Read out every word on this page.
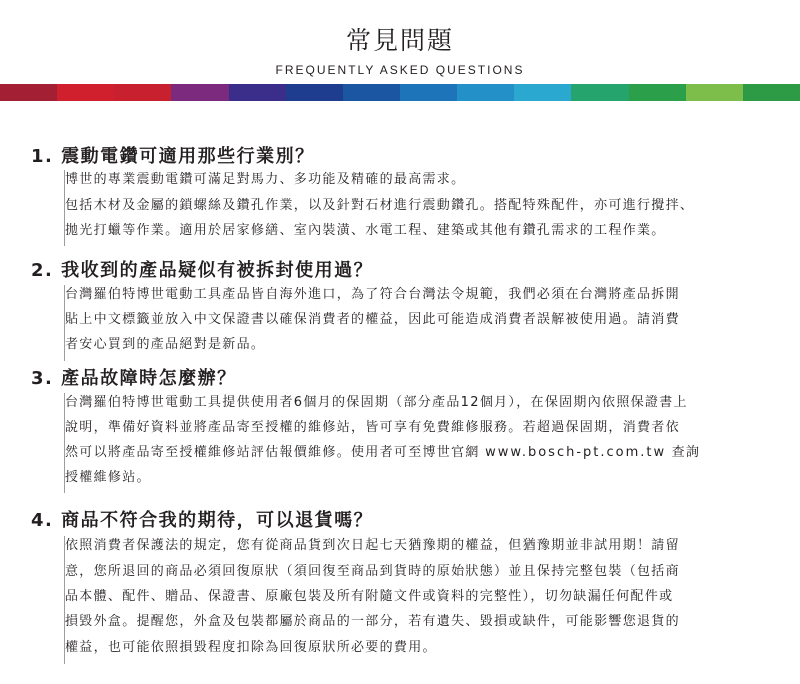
常見問題
FREQUENTLY ASKED QUESTIONS
1. 震動電鑽可適用那些行業別？
博世的專業震動電鑽可滿足對馬力、多功能及精確的最高需求。
包括木材及金屬的鎖螺絲及鑽孔作業，以及針對石材進行震動鑽孔。搭配特殊配件，亦可進行攪拌、
拋光打蠟等作業。適用於居家修繕、室內裝潢、水電工程、建築或其他有鑽孔需求的工程作業。
2. 我收到的產品疑似有被拆封使用過？
台灣羅伯特博世電動工具產品皆自海外進口，為了符合台灣法令規範，我們必須在台灣將產品拆開
貼上中文標籤並放入中文保證書以確保消費者的權益，因此可能造成消費者誤解被使用過。請消費
者安心買到的產品絕對是新品。
3. 產品故障時怎麼辦？
台灣羅伯特博世電動工具提供使用者6個月的保固期（部分產品12個月），在保固期內依照保證書上
說明，準備好資料並將產品寄至授權的維修站，皆可享有免費維修服務。若超過保固期，消費者依
然可以將產品寄至授權維修站評估報價維修。使用者可至博世官網 www.bosch-pt.com.tw 查詢
授權維修站。
4. 商品不符合我的期待，可以退貨嗎？
依照消費者保護法的規定，您有從商品貨到次日起七天猶豫期的權益，但猶豫期並非試用期！請留
意，您所退回的商品必須回復原狀（須回復至商品到貨時的原始狀態）並且保持完整包裝（包括商
品本體、配件、贈品、保證書、原廠包裝及所有附隨文件或資料的完整性），切勿缺漏任何配件或
損毀外盒。提醒您，外盒及包裝都屬於商品的一部分，若有遺失、毀損或缺件，可能影響您退貨的
權益，也可能依照損毀程度扣除為回復原狀所必要的費用。
